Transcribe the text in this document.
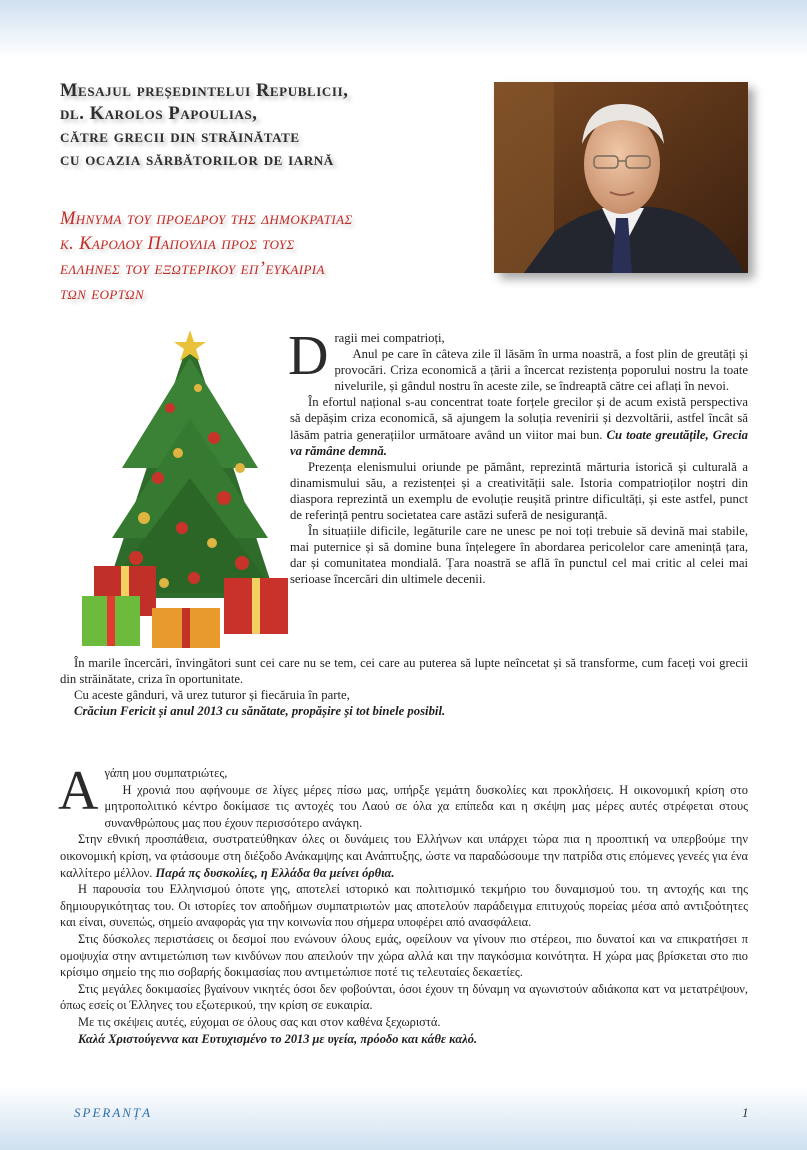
Mesajul președintelui Republicii,
dl. Karolos Papoulias,
către grecii din străinătate
cu ocazia sărbătorilor de iarnă
Μηνυμα του προεδρου της δημοκρατιας
κ. Καρολου Παπουλια προς τους
ελληνες του εξωτερικου επ’ευκαιρια
των εορτων
D ragii mei compatrioți,

Anul pe care în câteva zile îl lăsăm în urma noastră, a fost plin de greutăți și provocări. Criza economică a țării a încercat rezistența poporului nostru la toate nivelurile, și gândul nostru în aceste zile, se îndreaptă către cei aflați în nevoi.

În efortul național s-au concentrat toate forțele grecilor și de acum există perspectiva să depășim criza economică, să ajungem la soluția revenirii și dezvoltării, astfel încât să lăsăm patria generațiilor următoare având un viitor mai bun. Cu toate greutățile, Grecia va rămâne demnă.

Prezența elenismului oriunde pe pământ, reprezintă mărturia istorică și culturală a dinamismului său, a rezistenței și a creativității sale. Istoria compatrioților noștri din diaspora reprezintă un exemplu de evoluție reușită printre dificultăți, și este astfel, punct de referință pentru societatea care astăzi suferă de nesiguranță.

În situațiile dificile, legăturile care ne unesc pe noi toți trebuie să devină mai stabile, mai puternice și să domine buna înțelegere în abordarea pericolelor care amenință țara, dar și comunitatea mondială. Țara noastră se află în punctul cel mai critic al celei mai serioase încercări din ultimele decenii.

În marile încercări, învingători sunt cei care nu se tem, cei care au puterea să lupte neîncetat și să transforme, cum faceți voi grecii din străinătate, criza în oportunitate.

Cu aceste gânduri, vă urez tuturor și fiecăruia în parte,

Crăciun Fericit și anul 2013 cu sănătate, propășire și tot binele posibil.

Α γάπη μου συμπατριώτες,

Η χρονιά που αφήνουμε σε λίγες μέρες πίσω μας, υπήρξε γεμάτη δυσκολίες και προκλήσεις. Η οικονομική κρίση στο μητροπολιτικό κέντρο δοκίμασε τις αντοχές του Λαού σε όλα χα επίπεδα και η σκέψη μας μέρες αυτές στρέφεται στους συνανθρώπους μας που έχουν περισσότερο ανάγκη.

Στην εθνική προσπάθεια, συστρατεύθηκαν όλες οι δυνάμεις του Ελλήνων και υπάρχει τώρα πια η προοπτική να υπερβούμε την οικονομική κρίση, να φτάσουμε στη διέξοδο Ανάκαμψης και Ανάπτυξης, ώστε να παραδώσουμε την πατρίδα στις επόμενες γενεές για ένα καλλίτερο μέλλον. Παρά πς δυσκολίες, η Ελλάδα θα μείνει όρθια.

Η παρουσία του Ελληνισμού όποτε γης, αποτελεί ιστορικό και πολιτισμικό τεκμήριο του δυναμισμού του. τη αντοχής και της δημιουργικότητας του. Οι ιστορίες τον αποδήμων συμπατριωτών μας αποτελούν παράδειγμα επιτυχούς πορείας μέσα από αντιξοότητες και είναι, συνεπώς, σημείο αναφοράς για την κοινωνία που σήμερα υποφέρει από ανασφάλεια.

Στις δύσκολες περιστάσεις οι δεσμοί που ενώνουν όλους εμάς, οφείλουν να γίνουν πιο στέρεοι, πιο δυνατοί και να επικρατήσει π ομοψυχία στην αντιμετώπιση των κινδύνων που απειλούν την χώρα αλλά και την παγκόσμια κοινότητα. Η χώρα μας βρίσκεται στο πιο κρίσιμο σημείο της πιο σοβαρής δοκιμασίας που αντιμετώπισε ποτέ τις τελευταίες δεκαετίες.

Στις μεγάλες δοκιμασίες βγαίνουν νικητές όσοι δεν φοβούνται, όσοι έχουν τη δύναμη να αγωνιστούν αδιάκοπα κατ να μετατρέψουν, όπως εσείς οι Έλληνες του εξωτερικού, την κρίση σε ευκαιρία.

Με τις σκέψεις αυτές, εύχομαι σε όλους σας και στον καθένα ξεχωριστά.

Καλά Χριστούγεννα και Ευτυχισμένο το 2013 με υγεία, πρόοδο και κάθε καλό.

SPERANȚA	1
